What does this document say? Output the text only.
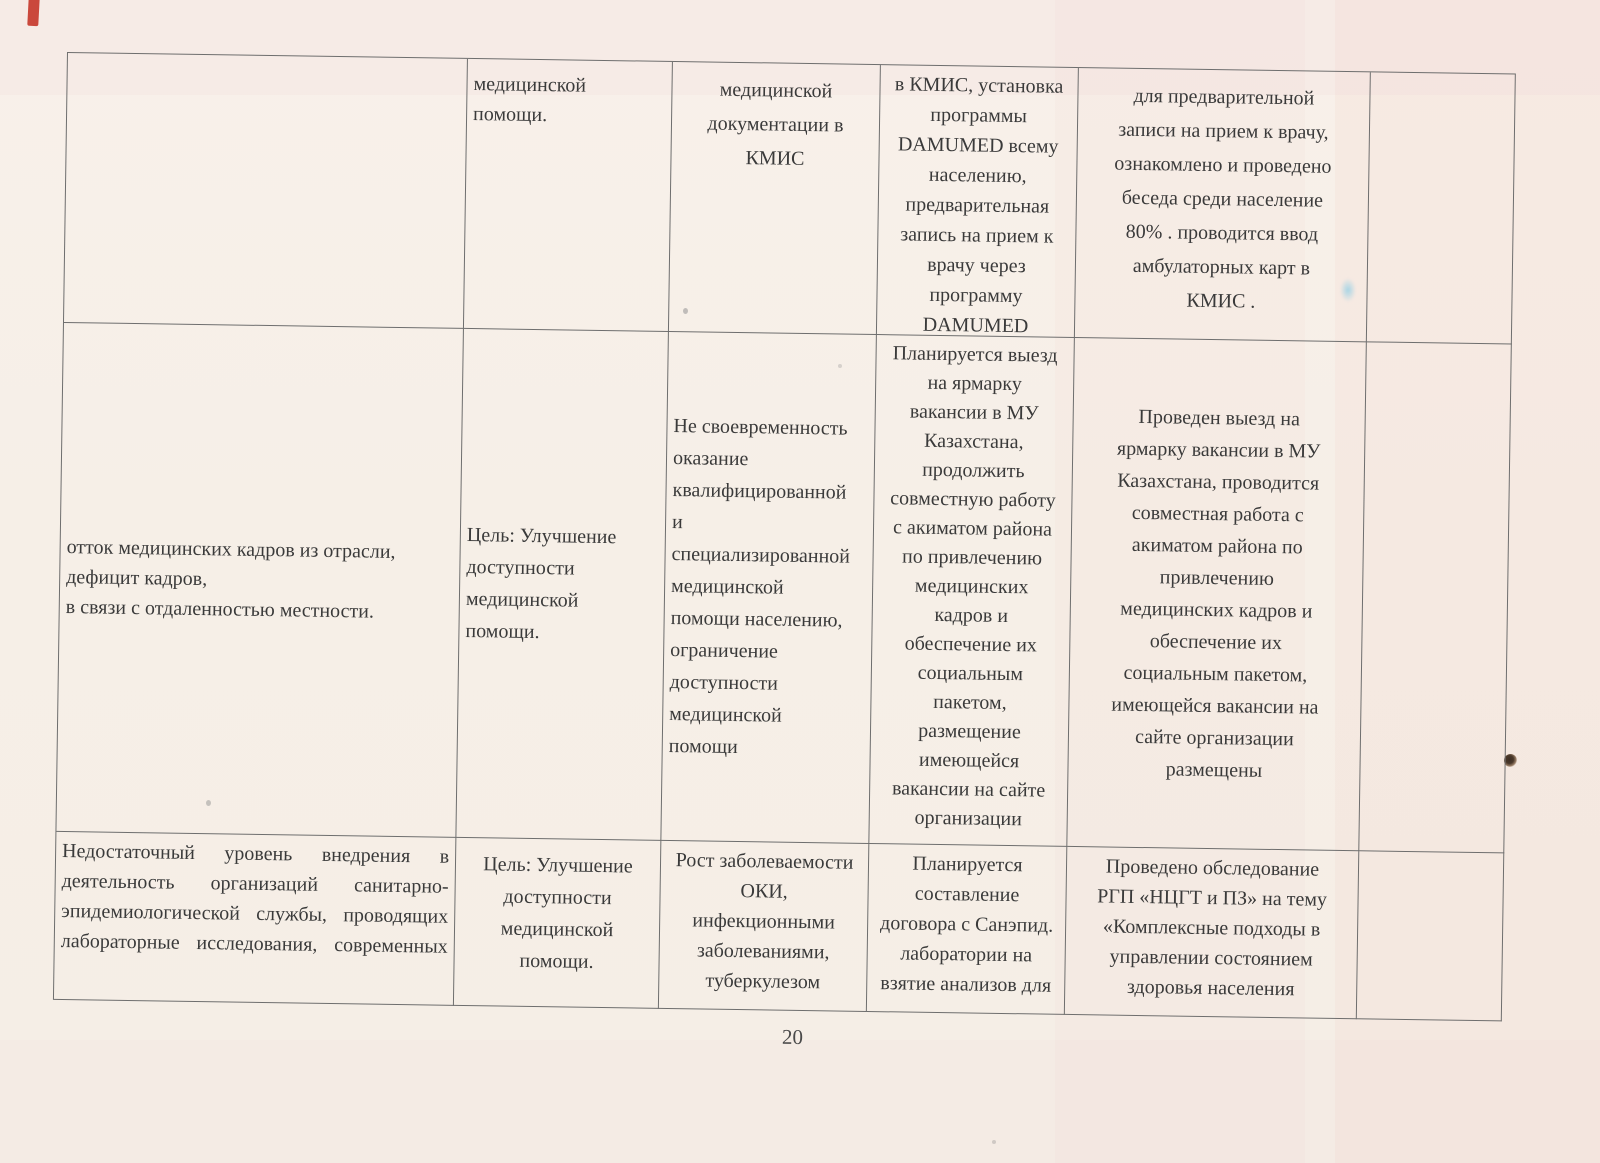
медицинской
помощи.
медицинской
документации в
КМИС
в КМИС, установка
программы
DAMUMED всему
населению,
предварительная
запись на прием к
врачу через
программу
DAMUMED
для предварительной
записи на прием к врачу,
ознакомлено и проведено
беседа среди население
80% . проводится ввод
амбулаторных карт в
КМИС .
отток медицинских кадров из отрасли,
дефицит кадров,
в связи с отдаленностью местности.
Цель: Улучшение
доступности
медицинской
помощи.
Не своевременность
оказание
квалифицированной
и
специализированной
медицинской
помощи населению,
ограничение
доступности
медицинской
помощи
Планируется выезд
на ярмарку
вакансии в МУ
Казахстана,
продолжить
совместную работу
с акиматом района
по привлечению
медицинских
кадров и
обеспечение их
социальным
пакетом,
размещение
имеющейся
вакансии на сайте
организации
Проведен выезд на
ярмарку вакансии в МУ
Казахстана, проводится
совместная работа с
акиматом района по
привлечению
медицинских кадров и
обеспечение их
социальным пакетом,
имеющейся вакансии на
сайте организации
размещены
Недостаточный уровень внедрения в деятельность организаций санитарно-эпидемиологической службы, проводящих лабораторные исследования, современных
Цель: Улучшение
доступности
медицинской
помощи.
Рост заболеваемости
ОКИ,
инфекционными
заболеваниями,
туберкулезом
Планируется
составление
договора с Санэпид.
лаборатории на
взятие анализов для
Проведено обследование
РГП «НЦГТ и ПЗ» на тему
«Комплексные подходы в
управлении состоянием
здоровья населения
20
